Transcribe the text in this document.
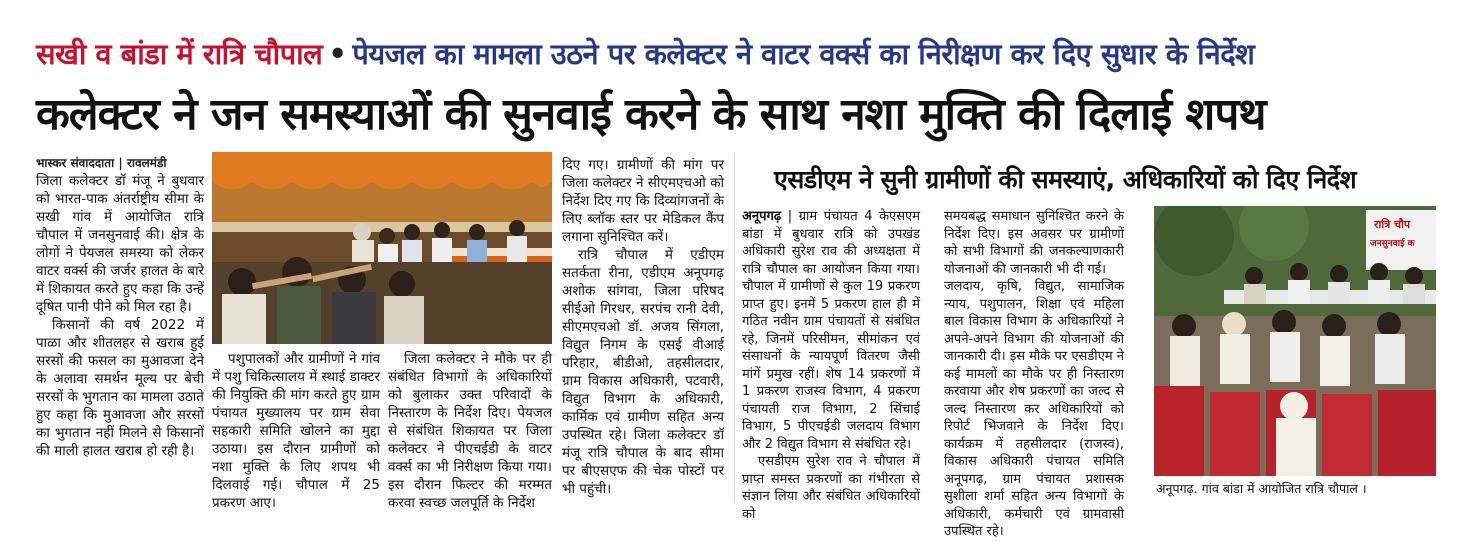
सखी व बांडा में रात्रि चौपाल • पेयजल का मामला उठने पर कलेक्टर ने वाटर वर्क्स का निरीक्षण कर दिए सुधार के निर्देश
कलेक्टर ने जन समस्याओं की सुनवाई करने के साथ नशा मुक्ति की दिलाई शपथ
भास्कर संवाददाता | रावलमंडी

जिला कलेक्टर डॉ मंजू ने बुधवार को भारत-पाक अंतर्राष्ट्रीय सीमा के सखी गांव में आयोजित रात्रि चौपाल में जनसुनवाई की। क्षेत्र के लोगों ने पेयजल समस्या को लेकर वाटर वर्क्स की जर्जर हालत के बारे में शिकायत करते हुए कहा कि उन्हें दूषित पानी पीने को मिल रहा है।

किसानों की वर्ष 2022 में पाळा और शीतलहर से खराब हुई सरसों की फसल का मुआवजा देने के अलावा समर्थन मूल्य पर बेची सरसों के भुगतान का मामला उठाते हुए कहा कि मुआवजा और सरसों का भुगतान नहीं मिलने से किसानों की माली हालत खराब हो रही है।

पशुपालकों और ग्रामीणों ने गांव में पशु चिकित्सालय में स्थाई डाक्टर की नियुक्ति की मांग करते हुए ग्राम पंचायत मुख्यालय पर ग्राम सेवा सहकारी समिति खोलने का मुद्दा उठाया। इस दौरान ग्रामीणों को नशा मुक्ति के लिए शपथ भी दिलवाई गई। चौपाल में 25 प्रकरण आए।

जिला कलेक्टर ने मौके पर ही संबंधित विभागों के अधिकारियों को बुलाकर उक्त परिवादों के निस्तारण के निर्देश दिए। पेयजल से संबंधित शिकायत पर जिला कलेक्टर ने पीएचईडी के वाटर वर्क्स का भी निरीक्षण किया गया। इस दौरान फिल्टर की मरम्मत करवा स्वच्छ जलपूर्ति के निर्देश

दिए गए। ग्रामीणों की मांग पर जिला कलेक्टर ने सीएमएचओ को निर्देश दिए गए कि दिव्यांगजनों के लिए ब्लॉक स्तर पर मेडिकल कैंप लगाना सुनिश्चित करें।

रात्रि चौपाल में एडीएम सतर्कता रीना, एडीएम अनूपगढ़ अशोक सांगवा, जिला परिषद सीईओ गिरधर, सरपंच रानी देवी, सीएमएचओ डॉ. अजय सिंगला, विद्युत निगम के एसई वीआई परिहार, बीडीओ, तहसीलदार, ग्राम विकास अधिकारी, पटवारी, विद्युत विभाग के अधिकारी, कार्मिक एवं ग्रामीण सहित अन्य उपस्थित रहे। जिला कलेक्टर डॉ मंजू रात्रि चौपाल के बाद सीमा पर बीएसएफ की चेक पोस्टों पर भी पहुंची।

एसडीएम ने सुनी ग्रामीणों की समस्याएं, अधिकारियों को दिए निर्देश

अनूपगढ़ | ग्राम पंचायत 4 केएसएम बांडा में बुधवार रात्रि को उपखंड अधिकारी सुरेश राव की अध्यक्षता में रात्रि चौपाल का आयोजन किया गया। चौपाल में ग्रामीणों से कुल 19 प्रकरण प्राप्त हुए। इनमें 5 प्रकरण हाल ही में गठित नवीन ग्राम पंचायतों से संबंधित रहे, जिनमें परिसीमन, सीमांकन एवं संसाधनों के न्यायपूर्ण वितरण जैसी मांगें प्रमुख रहीं। शेष 14 प्रकरणों में 1 प्रकरण राजस्व विभाग, 4 प्रकरण पंचायती राज विभाग, 2 सिंचाई विभाग, 5 पीएचईडी जलदाय विभाग और 2 विद्युत विभाग से संबंधित रहे।

एसडीएम सुरेश राव ने चौपाल में प्राप्त समस्त प्रकरणों का गंभीरता से संज्ञान लिया और संबंधित अधिकारियों को

समयबद्ध समाधान सुनिश्चित करने के निर्देश दिए। इस अवसर पर ग्रामीणों को सभी विभागों की जनकल्याणकारी योजनाओं की जानकारी भी दी गई।

जलदाय, कृषि, विद्युत, सामाजिक न्याय, पशुपालन, शिक्षा एवं महिला बाल विकास विभाग के अधिकारियों ने अपने-अपने विभाग की योजनाओं की जानकारी दी। इस मौके पर एसडीएम ने कई मामलों का मौके पर ही निस्तारण करवाया और शेष प्रकरणों का जल्द से जल्द निस्तारण कर अधिकारियों को रिपोर्ट भिजवाने के निर्देश दिए। कार्यक्रम में तहसीलदार (राजस्व), विकास अधिकारी पंचायत समिति अनूपगढ़, ग्राम पंचायत प्रशासक सुशीला शर्मा सहित अन्य विभागों के अधिकारी, कर्मचारी एवं ग्रामवासी उपस्थित रहे।

रात्रि चौप
जनसुनवाई क
अनूपगढ़. गांव बांडा में आयोजित रात्रि चौपाल ।
